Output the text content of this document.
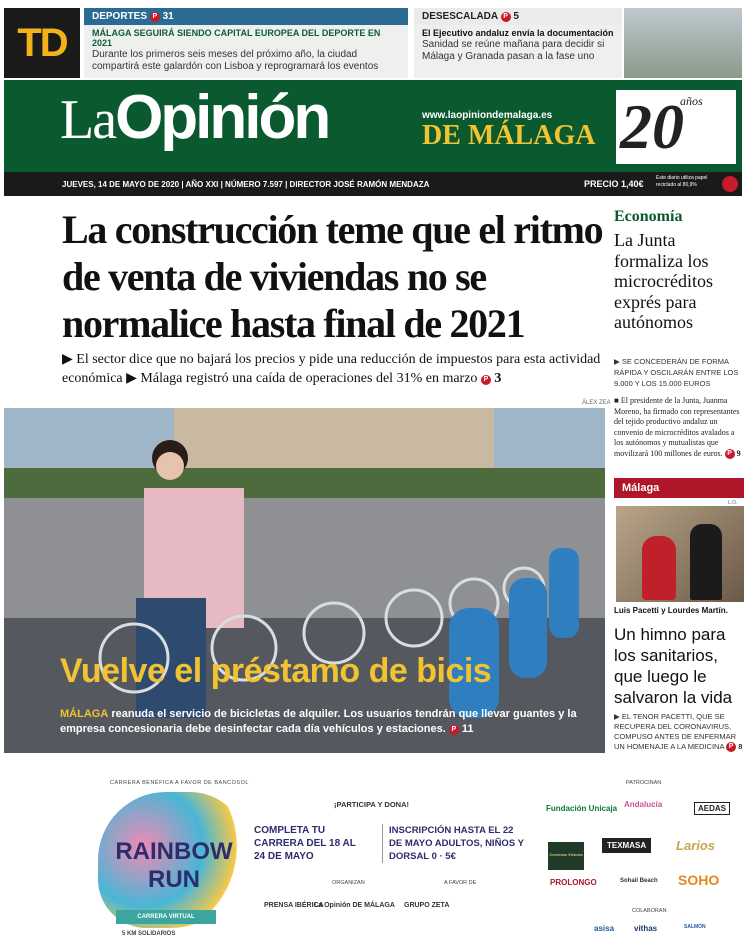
TD
DEPORTES P 31
MÁLAGA SEGUIRÁ SIENDO CAPITAL EUROPEA DEL DEPORTE EN 2021
Durante los primeros seis meses del próximo año, la ciudad compartirá este galardón con Lisboa y reprogramará los eventos
DESESCALADA P 5
El Ejecutivo andaluz envía la documentación
Sanidad se reúne mañana para decidir si Málaga y Granada pasan a la fase uno
LaOpinión	www.laopiniondemalaga.es
DE MÁLAGA 20
años
JUEVES, 14 DE MAYO DE 2020 | AÑO XXI | NÚMERO 7.597 | DIRECTOR JOSÉ RAMÓN MENDAZA	PRECIO 1,40€
Este diario utiliza papel reciclado al 80,9%
La construcción teme que el ritmo de venta de viviendas no se normalice hasta final de 2021
▶ El sector dice que no bajará los precios y pide una reducción de impuestos para esta actividad económica ▶ Málaga registró una caída de operaciones del 31% en marzo P 3
ÁLEX ZEA
Vuelve el préstamo de bicis
MÁLAGA reanuda el servicio de bicicletas de alquiler. Los usuarios tendrán que llevar guantes y la empresa concesionaria debe desinfectar cada día vehículos y estaciones. P 11
Economía
La Junta formaliza los microcréditos exprés para autónomos
▶ SE CONCEDERÁN DE FORMA RÁPIDA Y OSCILARÁN ENTRE LOS 9.000 Y LOS 15.000 EUROS
■ El presidente de la Junta, Juanma Moreno, ha firmado con representantes del tejido productivo andaluz un convenio de microcréditos avalados a los autónomos y mutualistas que movilizará 100 millones de euros. P 9
Málaga
L.O.
Luis Pacetti y Lourdes Martín.
Un himno para los sanitarios, que luego le salvaron la vida
▶ EL TENOR PACETTI, QUE SE RECUPERA DEL CORONAVIRUS, COMPUSO ANTES DE ENFERMAR UN HOMENAJE A LA MEDICINA P 8
CARRERA BENÉFICA A FAVOR DE BANCOSOL
RAINBOW RUN
CARRERA VIRTUAL
5 KM SOLIDARIOS
¡PARTICIPA Y DONA!
COMPLETA TU CARRERA DEL 18 AL 24 DE MAYO
INSCRIPCIÓN HASTA EL 22 DE MAYO ADULTOS, NIÑOS Y DORSAL 0 · 5€
ORGANIZAN	A FAVOR DE
PRENSA IBÉRICA
La Opinión DE MÁLAGA GRUPO ZETA
PATROCINAN
Fundación Unicaja Andalucía	AEDAS
Cervezas Victoria
TEXMASA	Larios
PROLONGO	Sohail Beach SOHO
COLABORAN
asisa vithas	SALMÓN
